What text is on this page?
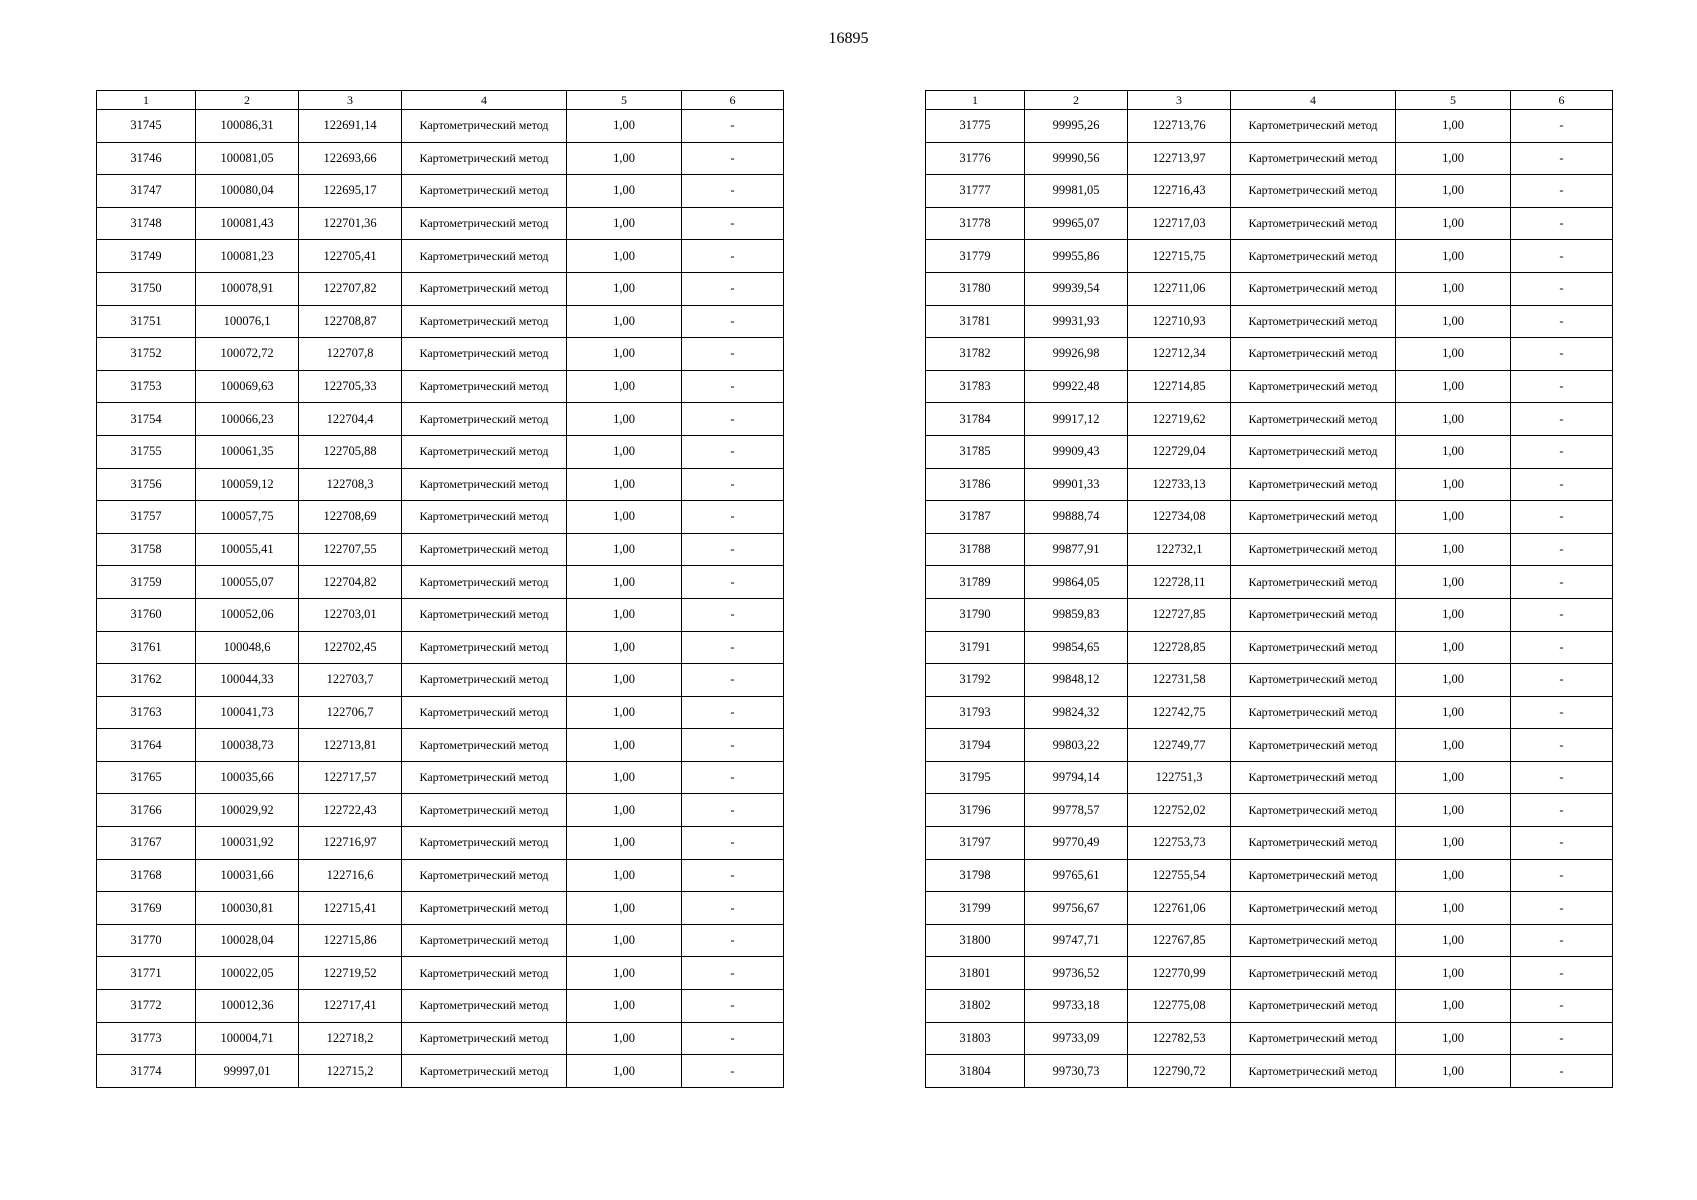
16895
1	2	3	4	5	6
31745	100086,31	122691,14	Картометрический метод	1,00	-
31746	100081,05	122693,66	Картометрический метод	1,00	-
31747	100080,04	122695,17	Картометрический метод	1,00	-
31748	100081,43	122701,36	Картометрический метод	1,00	-
31749	100081,23	122705,41	Картометрический метод	1,00	-
31750	100078,91	122707,82	Картометрический метод	1,00	-
31751	100076,1	122708,87	Картометрический метод	1,00	-
31752	100072,72	122707,8	Картометрический метод	1,00	-
31753	100069,63	122705,33	Картометрический метод	1,00	-
31754	100066,23	122704,4	Картометрический метод	1,00	-
31755	100061,35	122705,88	Картометрический метод	1,00	-
31756	100059,12	122708,3	Картометрический метод	1,00	-
31757	100057,75	122708,69	Картометрический метод	1,00	-
31758	100055,41	122707,55	Картометрический метод	1,00	-
31759	100055,07	122704,82	Картометрический метод	1,00	-
31760	100052,06	122703,01	Картометрический метод	1,00	-
31761	100048,6	122702,45	Картометрический метод	1,00	-
31762	100044,33	122703,7	Картометрический метод	1,00	-
31763	100041,73	122706,7	Картометрический метод	1,00	-
31764	100038,73	122713,81	Картометрический метод	1,00	-
31765	100035,66	122717,57	Картометрический метод	1,00	-
31766	100029,92	122722,43	Картометрический метод	1,00	-
31767	100031,92	122716,97	Картометрический метод	1,00	-
31768	100031,66	122716,6	Картометрический метод	1,00	-
31769	100030,81	122715,41	Картометрический метод	1,00	-
31770	100028,04	122715,86	Картометрический метод	1,00	-
31771	100022,05	122719,52	Картометрический метод	1,00	-
31772	100012,36	122717,41	Картометрический метод	1,00	-
31773	100004,71	122718,2	Картометрический метод	1,00	-
31774	99997,01	122715,2	Картометрический метод	1,00	-
1	2	3	4	5	6
31775	99995,26	122713,76	Картометрический метод	1,00	-
31776	99990,56	122713,97	Картометрический метод	1,00	-
31777	99981,05	122716,43	Картометрический метод	1,00	-
31778	99965,07	122717,03	Картометрический метод	1,00	-
31779	99955,86	122715,75	Картометрический метод	1,00	-
31780	99939,54	122711,06	Картометрический метод	1,00	-
31781	99931,93	122710,93	Картометрический метод	1,00	-
31782	99926,98	122712,34	Картометрический метод	1,00	-
31783	99922,48	122714,85	Картометрический метод	1,00	-
31784	99917,12	122719,62	Картометрический метод	1,00	-
31785	99909,43	122729,04	Картометрический метод	1,00	-
31786	99901,33	122733,13	Картометрический метод	1,00	-
31787	99888,74	122734,08	Картометрический метод	1,00	-
31788	99877,91	122732,1	Картометрический метод	1,00	-
31789	99864,05	122728,11	Картометрический метод	1,00	-
31790	99859,83	122727,85	Картометрический метод	1,00	-
31791	99854,65	122728,85	Картометрический метод	1,00	-
31792	99848,12	122731,58	Картометрический метод	1,00	-
31793	99824,32	122742,75	Картометрический метод	1,00	-
31794	99803,22	122749,77	Картометрический метод	1,00	-
31795	99794,14	122751,3	Картометрический метод	1,00	-
31796	99778,57	122752,02	Картометрический метод	1,00	-
31797	99770,49	122753,73	Картометрический метод	1,00	-
31798	99765,61	122755,54	Картометрический метод	1,00	-
31799	99756,67	122761,06	Картометрический метод	1,00	-
31800	99747,71	122767,85	Картометрический метод	1,00	-
31801	99736,52	122770,99	Картометрический метод	1,00	-
31802	99733,18	122775,08	Картометрический метод	1,00	-
31803	99733,09	122782,53	Картометрический метод	1,00	-
31804	99730,73	122790,72	Картометрический метод	1,00	-
